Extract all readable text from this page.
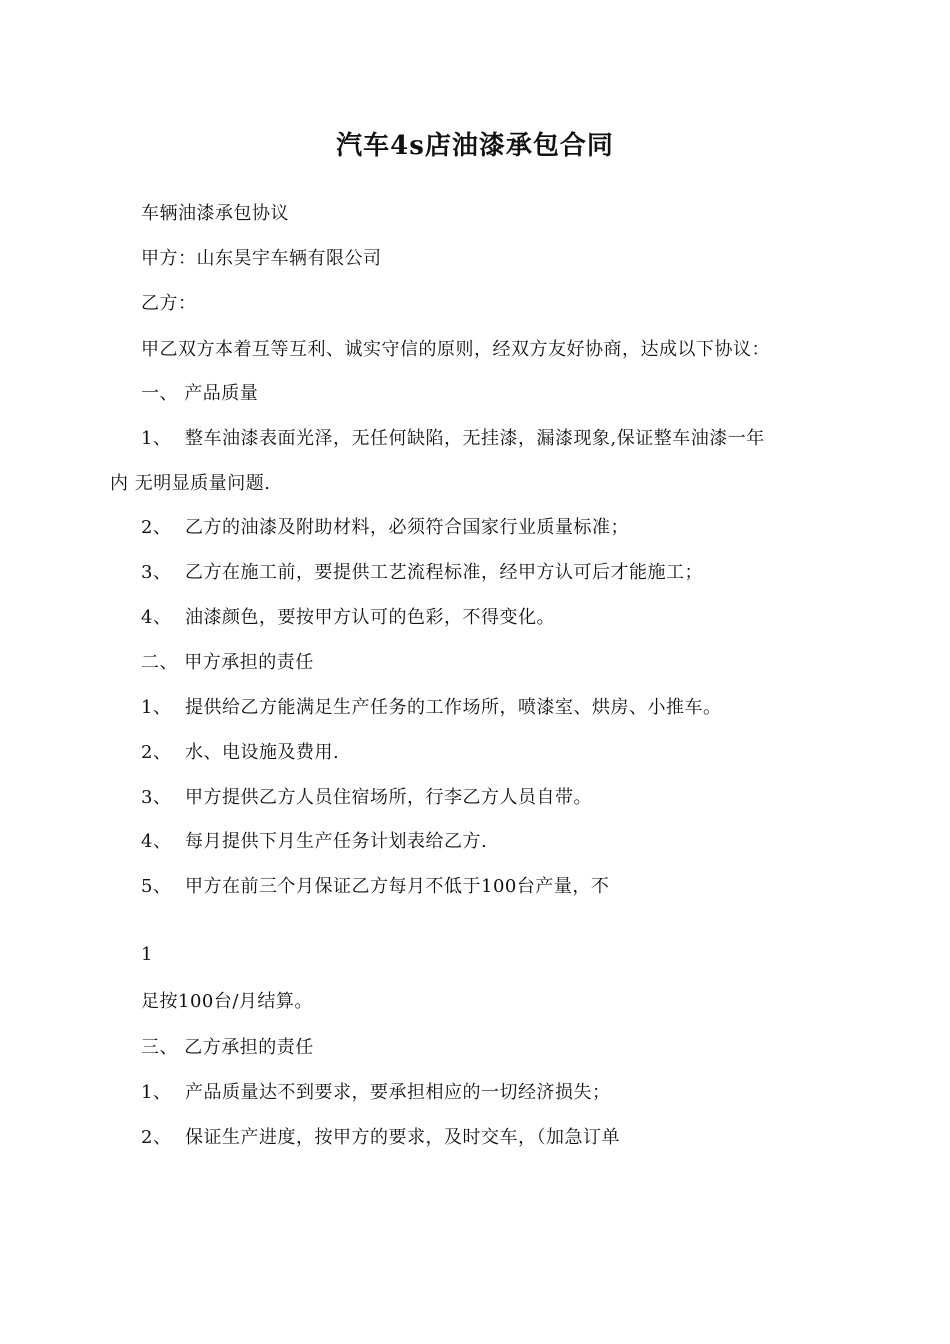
汽车4s店油漆承包合同
车辆油漆承包协议
甲方：山东昊宇车辆有限公司
乙方：
甲乙双方本着互等互利、诚实守信的原则，经双方友好协商，达成以下协议：
一、 产品质量
1、 整车油漆表面光泽，无任何缺陷，无挂漆，漏漆现象,保证整车油漆一年
内 无明显质量问题.
2、 乙方的油漆及附助材料，必须符合国家行业质量标准；
3、 乙方在施工前，要提供工艺流程标准，经甲方认可后才能施工；
4、 油漆颜色，要按甲方认可的色彩，不得变化。
二、 甲方承担的责任
1、 提供给乙方能满足生产任务的工作场所，喷漆室、烘房、小推车。
2、 水、电设施及费用.
3、 甲方提供乙方人员住宿场所，行李乙方人员自带。
4、 每月提供下月生产任务计划表给乙方.
5、 甲方在前三个月保证乙方每月不低于100台产量，不
1
足按100台/月结算。
三、 乙方承担的责任
1、 产品质量达不到要求，要承担相应的一切经济损失；
2、 保证生产进度，按甲方的要求，及时交车，（加急订单
